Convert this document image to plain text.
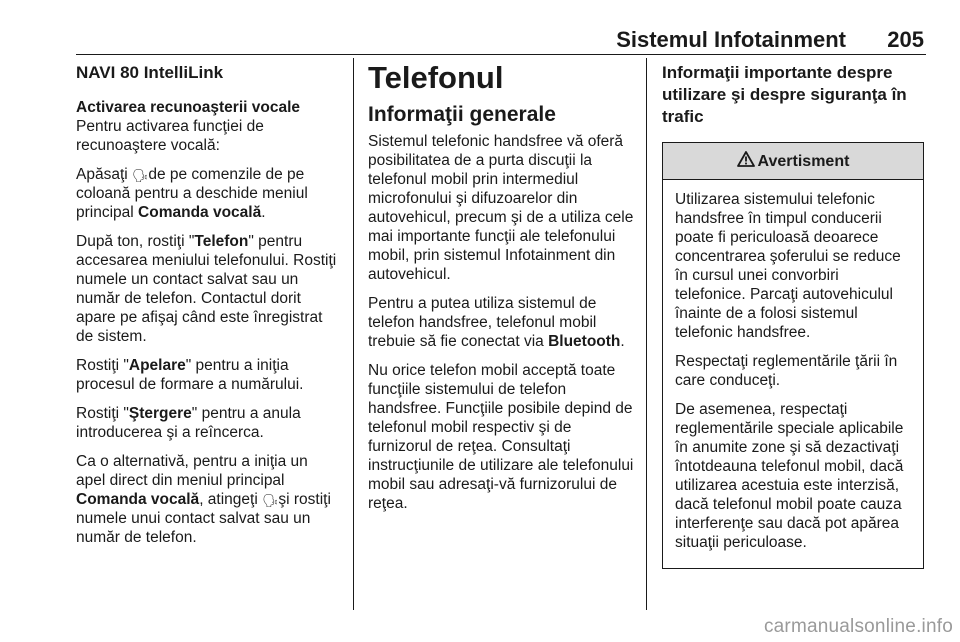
Sistemul Infotainment	205
NAVI 80 IntelliLink
Activarea recunoaşterii vocale

Pentru activarea funcţiei de recunoaştere vocală:

Apăsaţi 🗣︎ de pe comenzile de pe coloană pentru a deschide meniul principal Comanda vocală.

După ton, rostiţi "Telefon" pentru accesarea meniului telefonului. Rostiţi numele un contact salvat sau un număr de telefon. Contactul dorit apare pe afişaj când este înregistrat de sistem.

Rostiţi "Apelare" pentru a iniţia procesul de formare a numărului.

Rostiţi "Ştergere" pentru a anula introducerea şi a reîncerca.

Ca o alternativă, pentru a iniţia un apel direct din meniul principal Comanda vocală, atingeţi 🗣︎ şi rostiţi numele unui contact salvat sau un număr de telefon.

Telefonul
Informaţii generale

Sistemul telefonic handsfree vă oferă posibilitatea de a purta discuţii la telefonul mobil prin intermediul microfonului şi difuzoarelor din autovehicul, precum şi de a utiliza cele mai importante funcţii ale telefonului mobil, prin sistemul Infotainment din autovehicul.

Pentru a putea utiliza sistemul de telefon handsfree, telefonul mobil trebuie să fie conectat via Bluetooth.

Nu orice telefon mobil acceptă toate funcţiile sistemului de telefon handsfree. Funcţiile posibile depind de telefonul mobil respectiv şi de furnizorul de reţea. Consultaţi instrucţiunile de utilizare ale telefonului mobil sau adresaţi-vă furnizorului de reţea.

Informaţii importante despre utilizare şi despre siguranţa în trafic
Avertisment

Utilizarea sistemului telefonic handsfree în timpul conducerii poate fi periculoasă deoarece concentrarea şoferului se reduce în cursul unei convorbiri telefonice. Parcaţi autovehiculul înainte de a folosi sistemul telefonic handsfree.

Respectaţi reglementările ţării în care conduceţi.

De asemenea, respectaţi reglementările speciale aplicabile în anumite zone şi să dezactivaţi întotdeauna telefonul mobil, dacă utilizarea acestuia este interzisă, dacă telefonul mobil poate cauza interferenţe sau dacă pot apărea situaţii periculoase.

carmanualsonline.info
